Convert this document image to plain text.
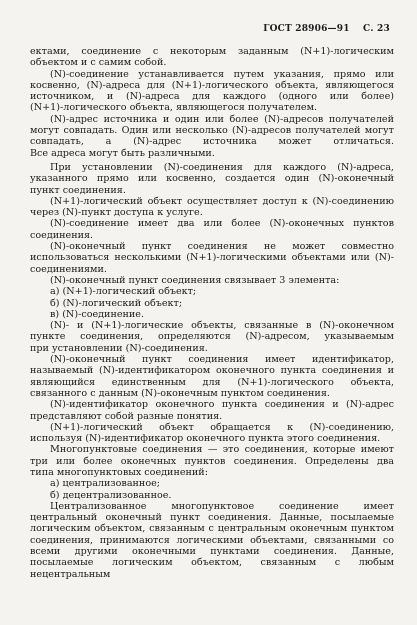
ГОСТ 28906—91 С. 23

ектами, соединение с некоторым заданным (N+1)-логическим

объектом и с самим собой.

(N)-соединение устанавливается путем указания, прямо или

косвенно, (N)-адреса для (N+1)-логического объекта, являющегося источником, и (N)-адреса для каждого (одного или более)

(N+1)-логического объекта, являющегося получателем.

(N)-адрес источника и один или более (N)-адресов получателей могут совпадать. Один или несколько (N)-адресов получателей могут совпадать, а (N)-адрес источника может отличаться.

Все адреса могут быть различными.

При установлении (N)-соединения для каждого (N)-адреса,

указанного прямо или косвенно, создается один (N)-оконечный

пункт соединения.

(N+1)-логический объект осуществляет доступ к (N)-соединению через (N)-пункт доступа к услуге.

(N)-соединение имеет два или более (N)-оконечных пунктов

соединения.

(N)-оконечный пункт соединения не может совместно использоваться несколькими (N+1)-логическими объектами или (N)-соединениями.

(N)-оконечный пункт соединения связывает 3 элемента:

а) (N+1)-логический объект;

б) (N)-логический объект;

в) (N)-соединение.

(N)- и (N+1)-логические объекты, связанные в (N)-оконечном пункте соединения, определяются (N)-адресом, указываемым

при установлении (N)-соединения.

(N)-оконечный пункт соединения имеет идентификатор, называемый (N)-идентификатором оконечного пункта соединения и являющийся единственным для (N+1)-логического объекта, связанного с данным (N)-оконечным пунктом соединения.

(N)-идентификатор оконечного пункта соединения и (N)-адрес представляют собой разные понятия.

(N+1)-логический объект обращается к (N)-соединению, используя (N)-идентификатор оконечного пункта этого соединения.

Многопунктовые соединения — это соединения, которые имеют три или более оконечных пунктов соединения. Определены два

типа многопунктовых соединений:

а) централизованное;

б) децентрализованное.

Централизованное многопунктовое соединение имеет центральный оконечный пункт соединения. Данные, посылаемые логическим объектом, связанным с центральным оконечным пунктом соединения, принимаются логическими объектами, связанными со всеми другими оконечными пунктами соединения. Данные, посылаемые логическим объектом, связанным с любым нецентральным
